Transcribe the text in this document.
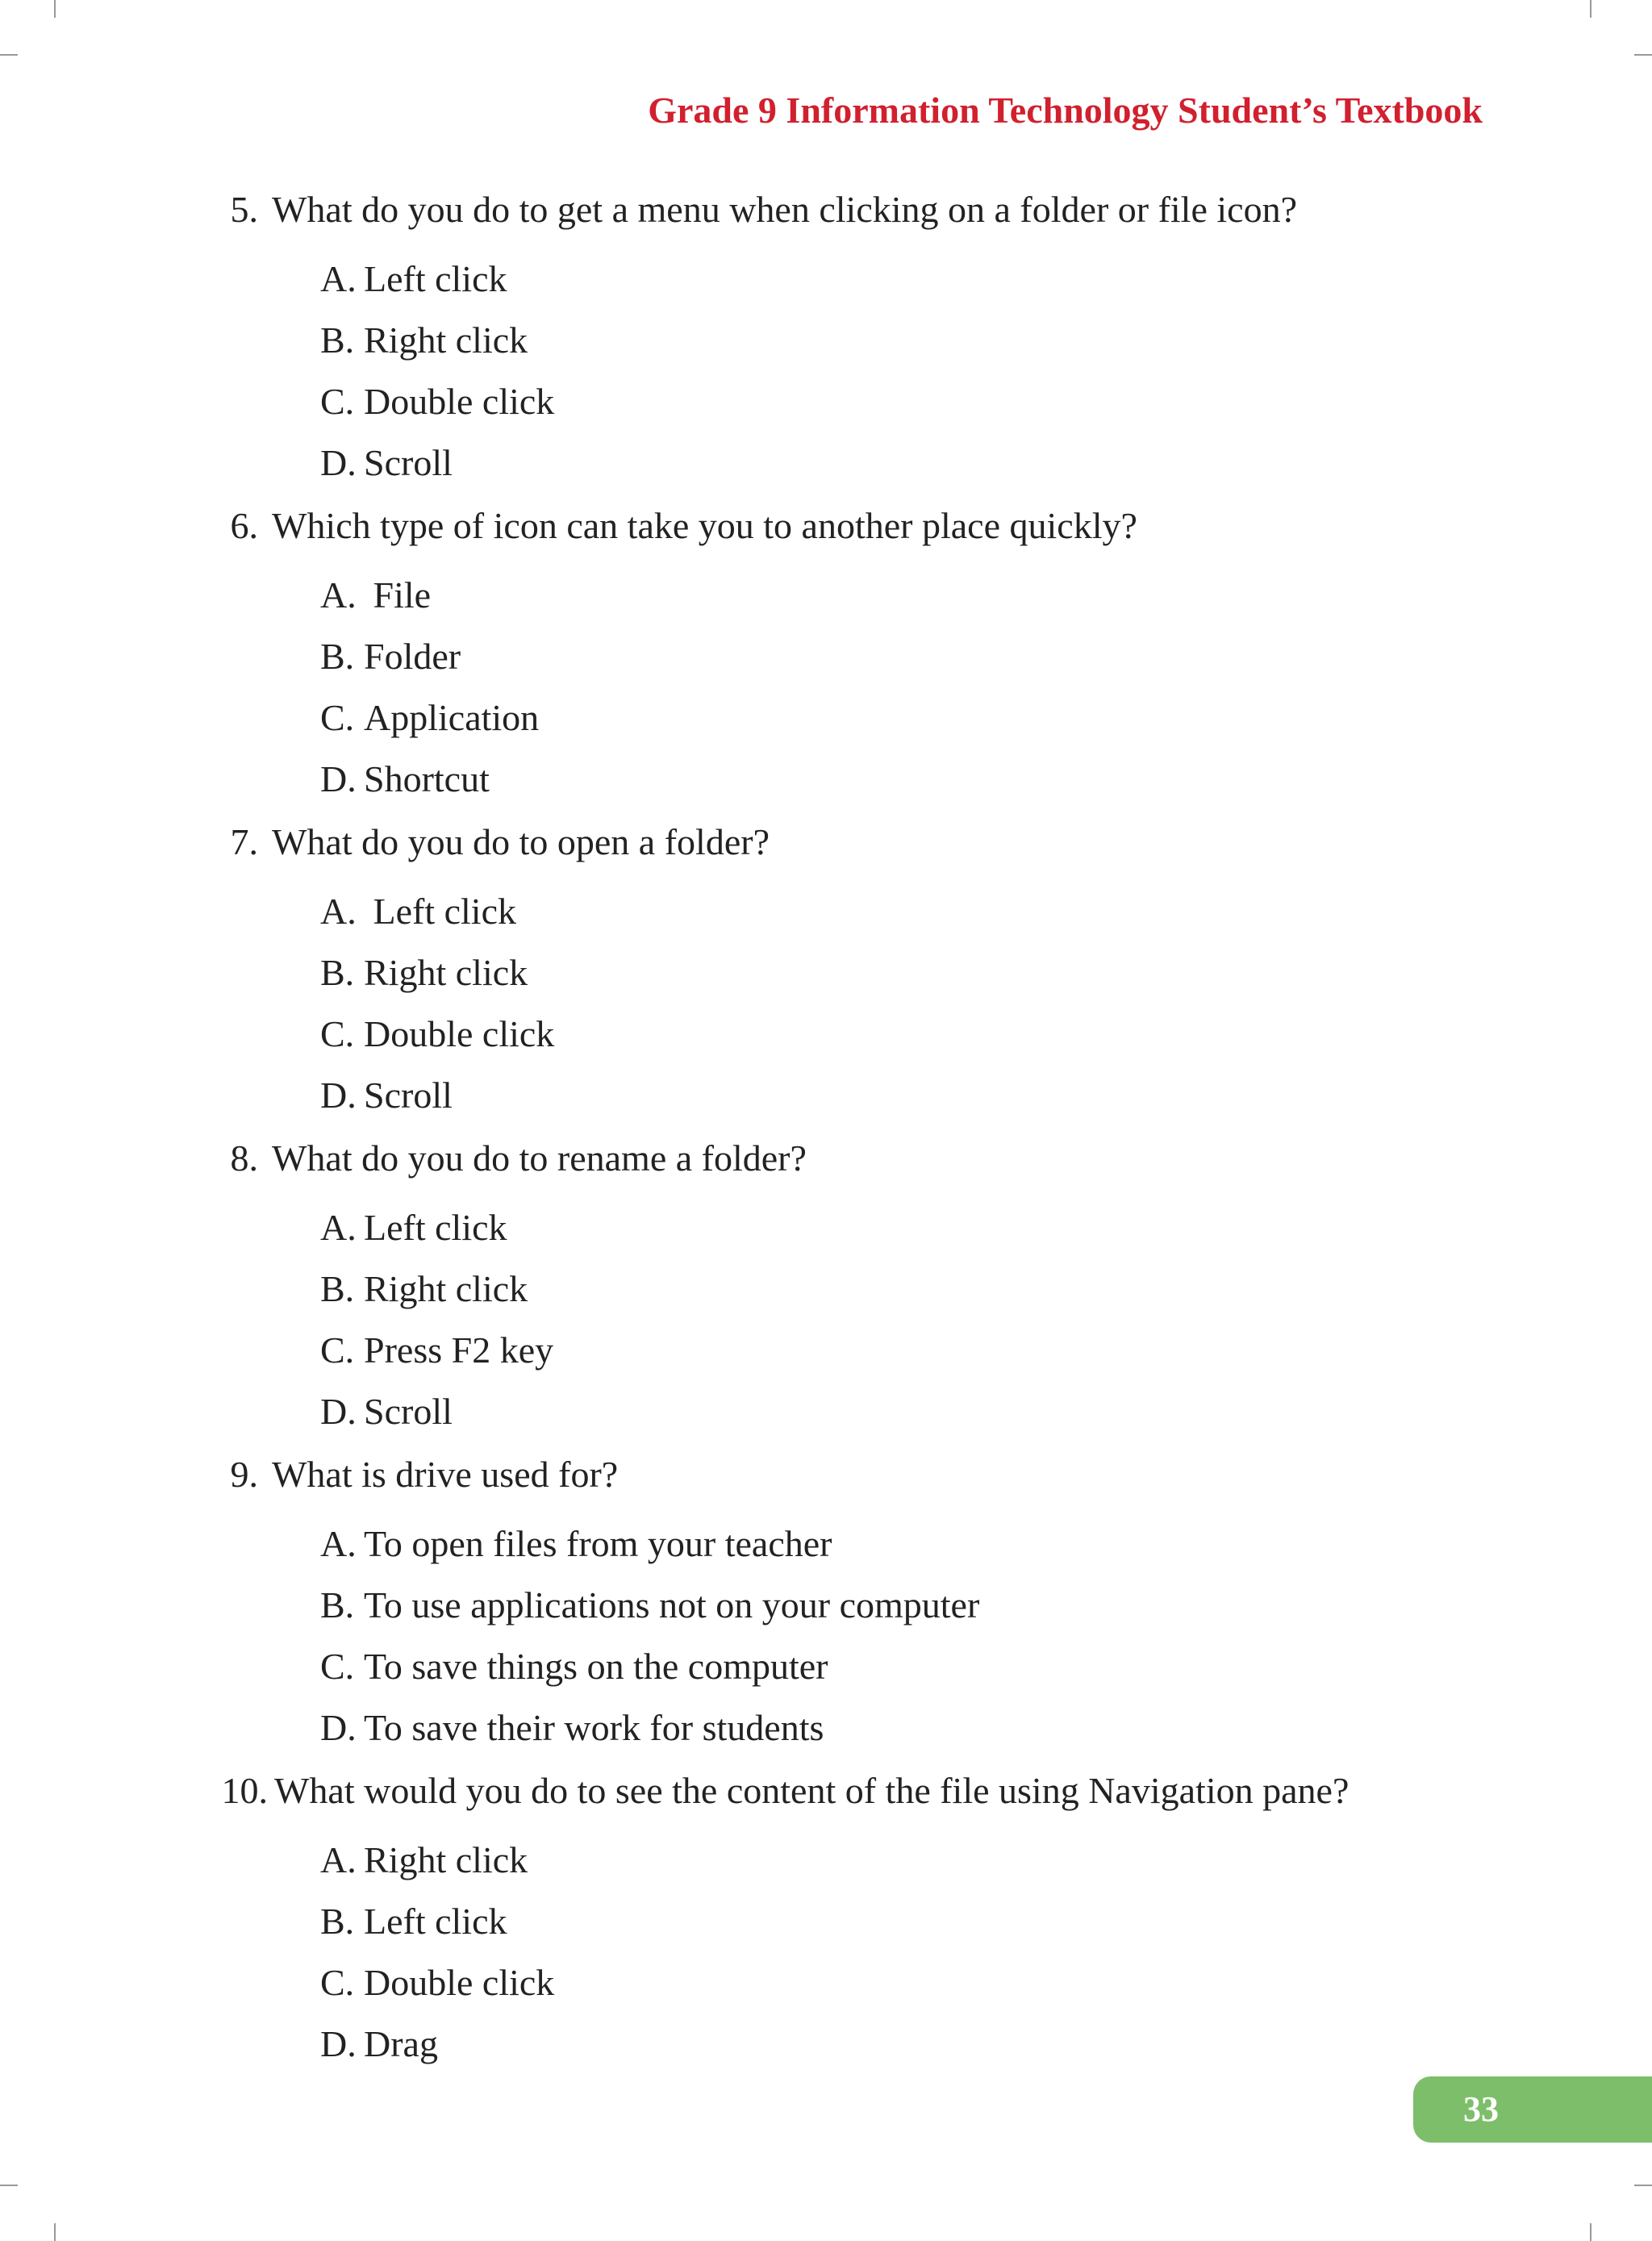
Grade 9 Information Technology Student’s Textbook
5. What do you do to get a menu when clicking on a folder or file icon?
A. Left click
B. Right click
C. Double click
D. Scroll
6. Which type of icon can take you to another place quickly?
A. File
B. Folder
C. Application
D. Shortcut
7. What do you do to open a folder?
A. Left click
B. Right click
C. Double click
D. Scroll
8. What do you do to rename a folder?
A. Left click
B. Right click
C. Press F2 key
D. Scroll
9. What is drive used for?
A. To open files from your teacher
B. To use applications not on your computer
C. To save things on the computer
D. To save their work for students
10. What would you do to see the content of the file using Navigation pane?
A. Right click
B. Left click
C. Double click
D. Drag
33
